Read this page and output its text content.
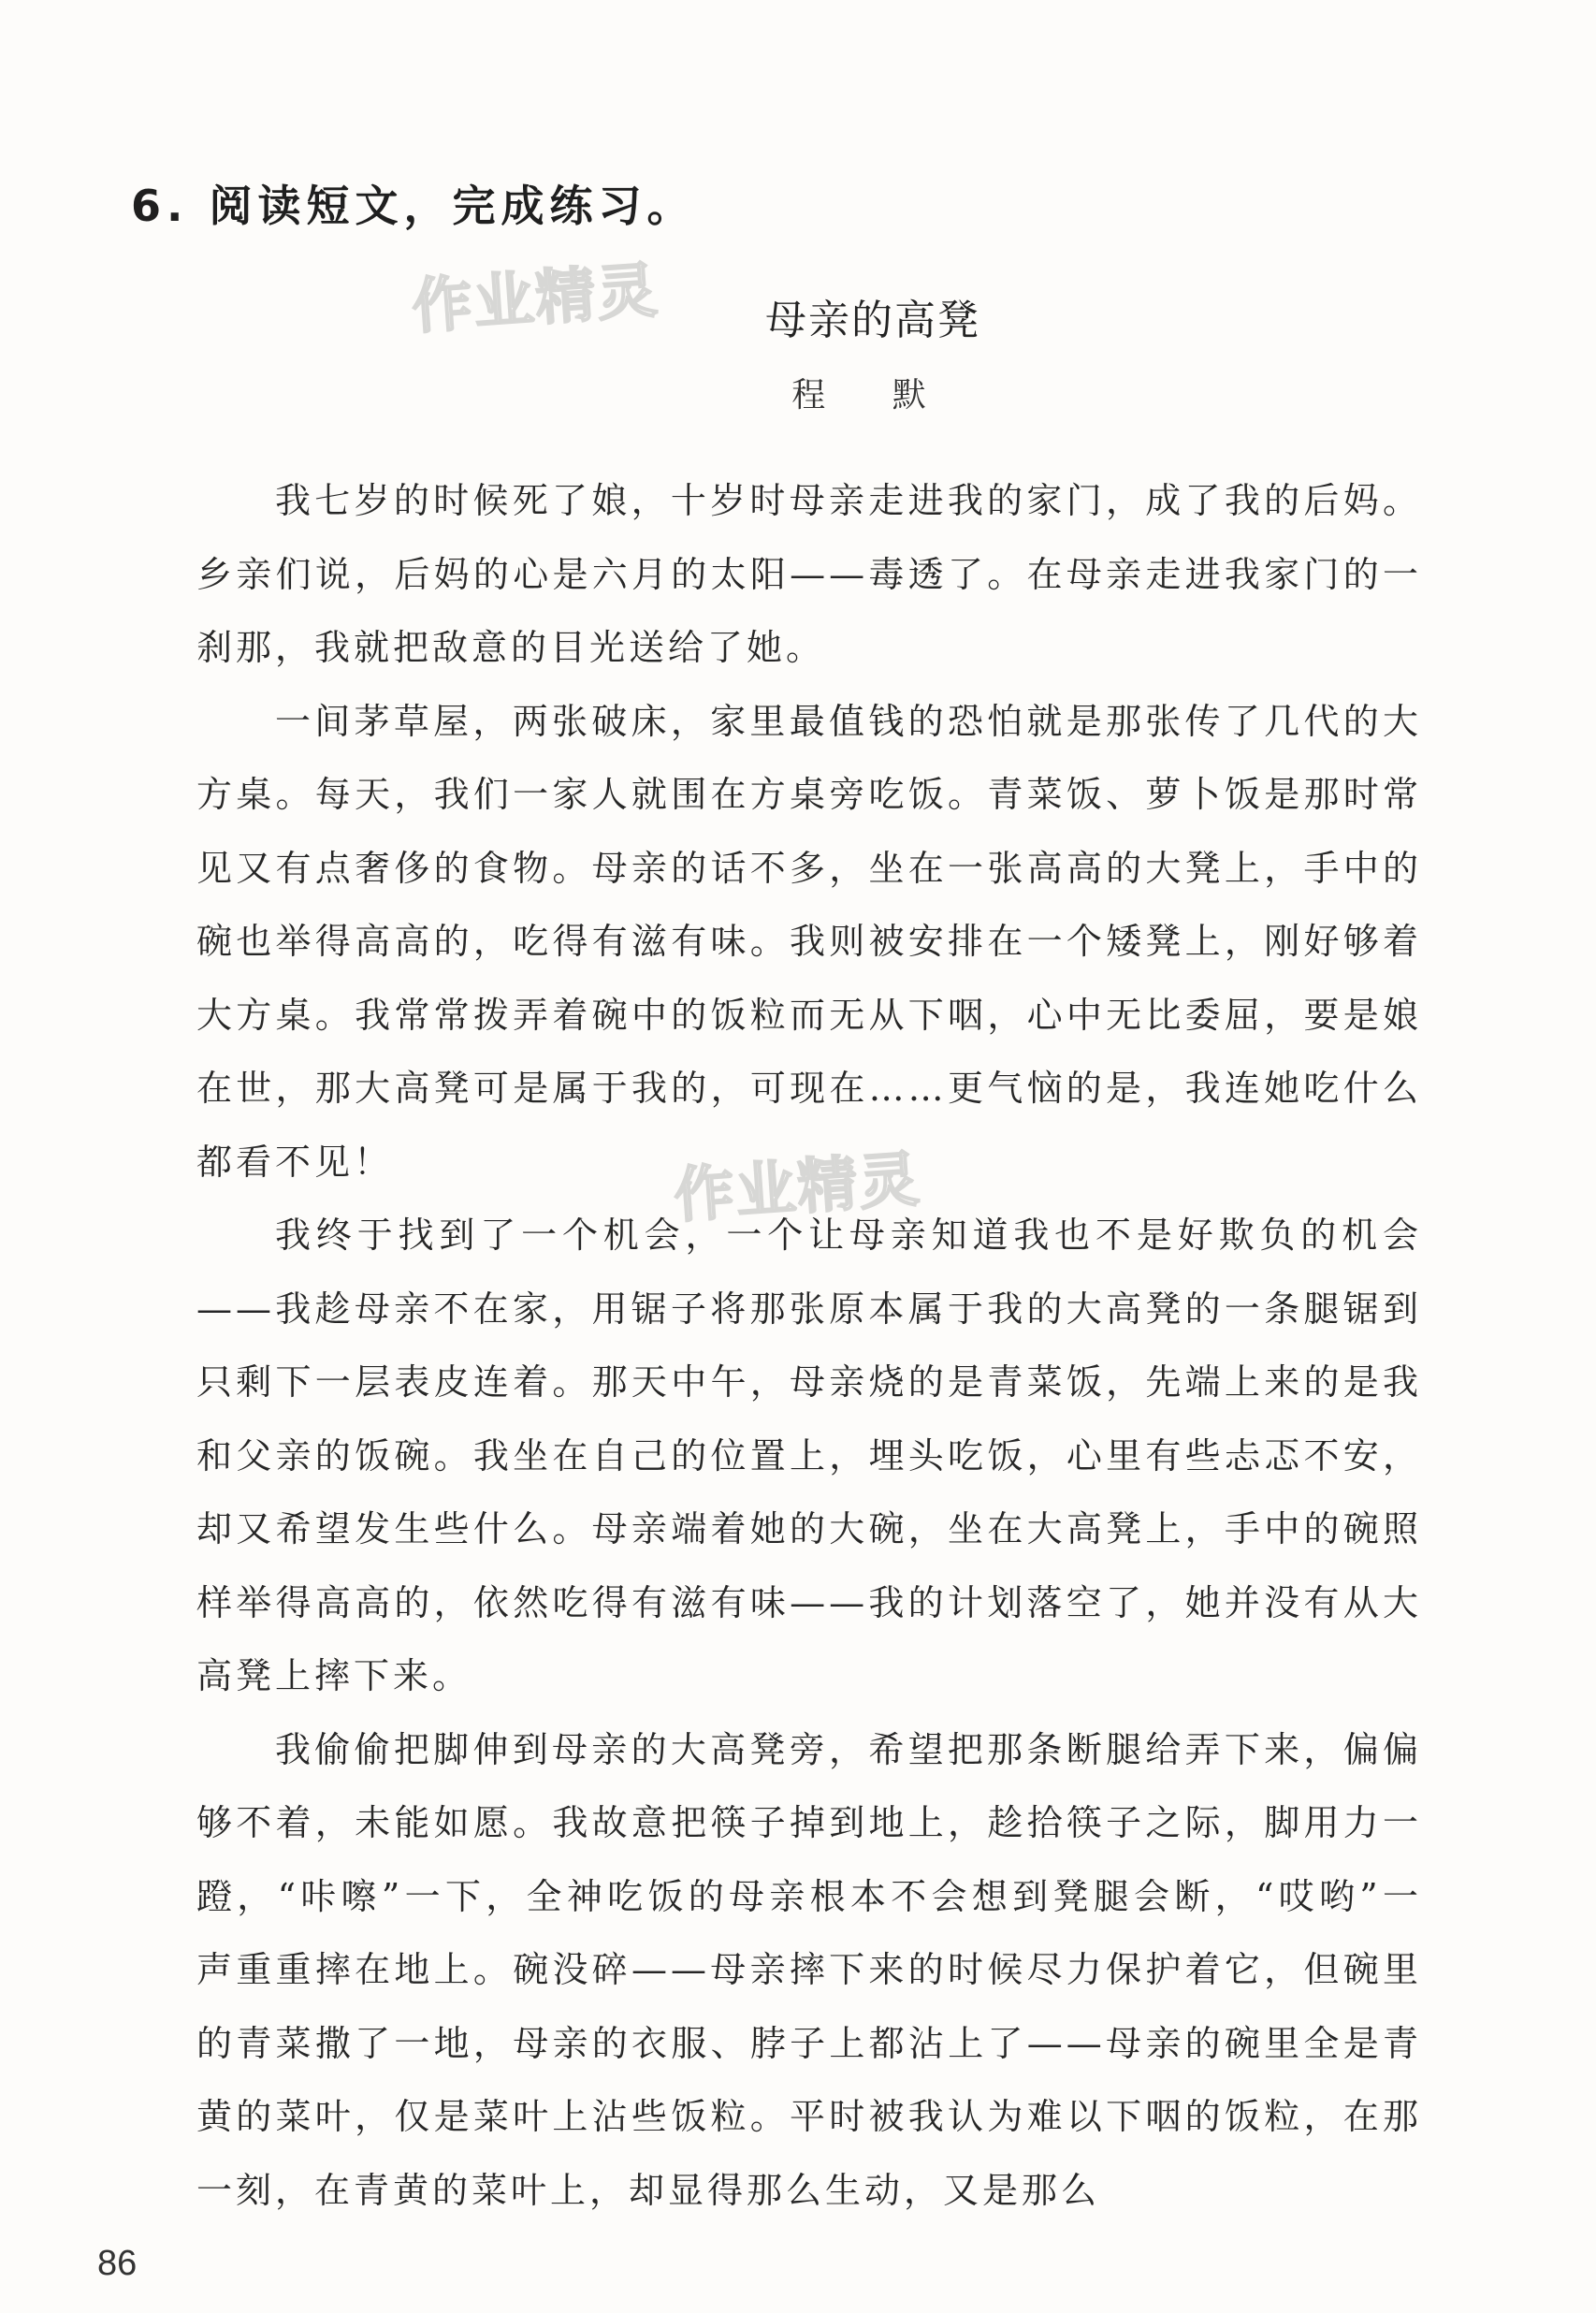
6. 阅读短文，完成练习。
作业精灵	母亲的高凳
程 默

我七岁的时候死了娘，十岁时母亲走进我的家门，成了我的后妈。乡亲们说，后妈的心是六月的太阳——毒透了。在母亲走进我家门的一刹那，我就把敌意的目光送给了她。

一间茅草屋，两张破床，家里最值钱的恐怕就是那张传了几代的大方桌。每天，我们一家人就围在方桌旁吃饭。青菜饭、萝卜饭是那时常见又有点奢侈的食物。母亲的话不多，坐在一张高高的大凳上，手中的碗也举得高高的，吃得有滋有味。我则被安排在一个矮凳上，刚好够着大方桌。我常常拨弄着碗中的饭粒而无从下咽，心中无比委屈，要是娘在世，那大高凳可是属于我的，可现在……更气恼的是，我连她吃什么都看不见！

我终于找到了一个机会，一个让母亲知道我也不是好欺负的机会——我趁母亲不在家，用锯子将那张原本属于我的大高凳的一条腿锯到只剩下一层表皮连着。那天中午，母亲烧的是青菜饭，先端上来的是我和父亲的饭碗。我坐在自己的位置上，埋头吃饭，心里有些忐忑不安，却又希望发生些什么。母亲端着她的大碗，坐在大高凳上，手中的碗照样举得高高的，依然吃得有滋有味——我的计划落空了，她并没有从大高凳上摔下来。

我偷偷把脚伸到母亲的大高凳旁，希望把那条断腿给弄下来，偏偏够不着，未能如愿。我故意把筷子掉到地上，趁拾筷子之际，脚用力一蹬，“咔嚓”一下，全神吃饭的母亲根本不会想到凳腿会断，“哎哟”一声重重摔在地上。碗没碎——母亲摔下来的时候尽力保护着它，但碗里的青菜撒了一地，母亲的衣服、脖子上都沾上了——母亲的碗里全是青黄的菜叶，仅是菜叶上沾些饭粒。平时被我认为难以下咽的饭粒，在那一刻，在青黄的菜叶上，却显得那么生动，又是那么

作业精灵
86
